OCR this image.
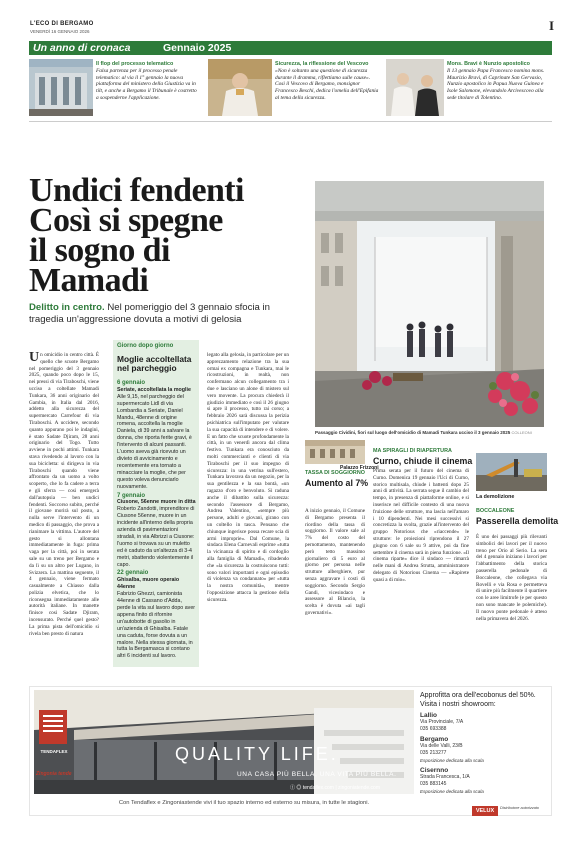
L'ECO DI BERGAMO
VENERDÌ 16 GENNAIO 2026	I
Un anno di cronaca	Gennaio 2025
Il flop del processo telematico
Falsa partenza per il processo penale telematico: al via il 1° gennaio la nuova piattaforma del ministero della Giustizia va in tilt, e anche a Bergamo il Tribunale è costretto a sospenderne l'applicazione.
Sicurezza, la riflessione del Vescovo
«Non è soltanto una questione di sicurezza durante il dramma, riflettiamo sulle cause». Così il Vescovo di Bergamo, monsignor Francesco Beschi, dedica l'omelia dell'Epifania al tema della sicurezza.
Mons. Bravi è Nunzio apostolico
Il 13 gennaio Papa Francesco nomina mons. Maurizio Bravi, di Caprinate San Gervasio, Nunzio apostolico in Papua Nuova Guinea e Isole Salomone, elevandolo Arcivescovo alla sede titolare di Tolentino.
Undici fendenti
Così si spegne
il sogno di Mamadi
Delitto in centro. Nel pomeriggio del 3 gennaio sfocia in tragedia un'aggressione dovuta a motivi di gelosia
Passaggio Cividini, fiori sul luogo dell'omicidio di Mamadi Tunkara ucciso il 3 gennaio 2025 COLLEONI
Un omicidio in centro città. È quello che scuote Bergamo nel pomeriggio del 3 gennaio 2025, quando poco dopo le 15, nei pressi di via Tiraboschi, viene ucciso a coltellate Mamadi Tunkara, 36 anni originario del Gambia, in Italia dal 2016, addetto alla sicurezza del supermercato Carrefour di via Tiraboschi. A uccidere, secondo quanto appurano poi le indagini, è stato Sadate Djiram, 28 anni originario del Togo. Tutto avviene in pochi attimi. Tunkara stava rivedendo al lavoro con la sua bicicletta: si dirigeva in via Tiraboschi quando viene affrontato da un uomo a volto scoperto, che lo fa cadere a terra e gli sferra — così emergerà dall'autopsia — ben undici fendenti. Soccorso subito, perché il giovane morirà sul posto, a nulla serve l'intervento di un medico di passaggio, che prova a rianimare la vittima. L'autore del gesto si allontana immediatamente in fuga: prima vaga per la città, poi in serata sale su un treno per Bergamo e da lì su un altro per Lugano, in Svizzera. La mattina seguente, il 4 gennaio, viene fermato casualmente a Chiasso dalla polizia elvetica, che lo riconsegna immediatamente alle autorità italiane. In manette finisce così Sadate Djiram, incensurato. Perché quel gesto? La prima pista dell'omicidio si rivela ben presto di natura
Giorno dopo giorno
Moglie accoltellata nel parcheggio
6 gennaio
Seriate, accoltellata la moglie
Alle 9,15, nel parcheggio del supermercato Lidl di via Lombardia a Seriate, Daniel Mandu, 48enne di origine romena, accoltella la moglie Daniela, di 39 anni a salvare la donna, che riporta ferite gravi, è l'intervento di alcuni passanti. L'uomo aveva già ricevuto un divieto di avvicinamento e recentemente era tornato a minacciare la moglie, che per questo voleva denunciarlo nuovamente.
7 gennaio
Ciusone, 56enne muore in ditta
Roberto Zandotti, imprenditore di Ciusone 56enne, muore in un incidente all'interno della propria azienda di pavimentazioni stradali, in via Albrizzi a Ciusone: l'uomo si trovava su un muletto ed è caduto da un'altezza di 3-4 metri, sbattendo violentemente il capo.
22 gennaio
Ghisalba, muore operaio 44enne
Fabrizio Ghezzi, camionista 44enne di Cassano d'Adda, perde la vita sul lavoro dopo aver appena finito di rifornire un'autobotte di gasolio in un'azienda di Ghisalba. Fatale una caduta, forse dovuta a un malore. Nella stessa giornata, in tutta la Bergamasca si contano altri 6 incidenti sul lavoro.
legato alla gelosia, in particolare per un apprezzamento relazione tra la sua ormai ex compagna e Tunkara, mai le ricostruzioni, in realtà, non confermano alcun collegamento tra i due e lasciano un alone di mistero sul vero movente. La procura chiederà il giudizio immediato e così il 26 giugno si apre il processo, tutto rai corso; a febbraio 2026 sarà discussa la perizia psichiatrica sull'imputato per valutare la sua capacità di intendere e di volere. E un fatto che scuote profondamente la città, in un venerdì ancora dal clima festivo. Tunkara era conosciuto da molti commercianti e clienti di via Tiraboschi per il suo impegno di sicurezza: in una vetrina sull'estero, Tunkara lavorava da un negozio, per la sua gentilezza e la sua bontà, «un ragazzo d'oro e benvoluto. Si raduna anche il dibattito sulla sicurezza: secondo l'assessore di Bergamo, Andrea Valentino, «sempre più persone, adulti e giovani, girano con un coltello in tasca. Pensano che chiunque ingerisce possa recare scia di armi improprie». Dal Comune, la sindaca Elena Carnevali esprime «tutta la vicinanza di spirito e di cordoglio alla famiglia di Mamadi», ribadendo che «la sicurezza la costruiscono tutti: sono valori importanti e ogni episodio di violenza va condannato» per «tutta la nostra comunità», mentre l'opposizione attacca la gestione della sicurezza.
Palazzo Frizzoni
TASSA DI SOGGIORNO
Aumento al 7%
A inizio gennaio, il Comune di Bergamo presenta il riordino della tassa di soggiorno. Il valore sale al 7% del costo del pernottamento, mantenendo però tetto massimo giornaliero di 5 euro al giorno per persona nelle strutture alberghiere, pur senza aggravare i costi di soggiorno. Secondo Sergio Gandi, vicesindaco e assessore al Bilancio, la scelta è dovuta «ai tagli governativi».
MA SPIRAGLI DI RIAPERTURA
Curno, chiude il cinema
Prima serata per il futuro del cinema di Curno. Domenica 19 gennaio l'Uci di Curno, storico multisala, chiude i battenti dopo 25 anni di attività. La serrata segue il cambio del tempo, in presenza di piattaforme online, e si inserisce nel difficile contesto di una nuova fruizione delle strutture, ma lascia nell'amaro i 10 dipendenti. Nei mesi successivi si concretizza la svolta, grazie all'intervento del gruppo Notorious che «riaccende» le strutture: le proiezioni riprendono il 27 giugno con 6 sale su 9 attive, poi da fine settembre il cinema sarà in piena funzione. «Il cinema riparte» dice il sindaco — rimarrà nelle mani di Andrea Strutta, amministratore delegato di Notorious Cinema — «Rapirete quasi a di mio».
La demolizione
BOCCALEONE
Passerella demolita
È uno dei passaggi più rilevanti simbolici dei lavori per il nuovo treno per Orio al Serio. La sera del 4 gennaio iniziano i lavori per l'abbattimento della storica passerella pedonale di Boccaleone, che collegava via Rovelli e via Rosa e permetteva di unire più facilmente il quartiere con le aree limitrofe (e per questo non sono mancate le polemiche). Il nuovo ponte pedonale è atteso nella primavera del 2026.
TENDAFLEX
Zingonia tende
QUALITY LIFE.
UNA CASA PIÙ BELLA, UNA VITA PIÙ BELLA.
ⓕ ◎ tendaflex.com | zingoniatende.com
Con Tendaflex e Zingoniastende vivi il tuo spazio interno ed esterno su misura, in tutte le stagioni.
Approfitta ora dell'ecobonus del 50%. Visita i nostri showroom:
Lallio
Via Provinciale, 7/A
035 693388
Bergamo
Via delle Valli, 23/B
035 213277
Esposizione dedicata alla scala
Cisernno
Strada Francesca, 1/A
035 883145
Esposizione dedicata alla scala
VELUX	Distributore autorizzato
